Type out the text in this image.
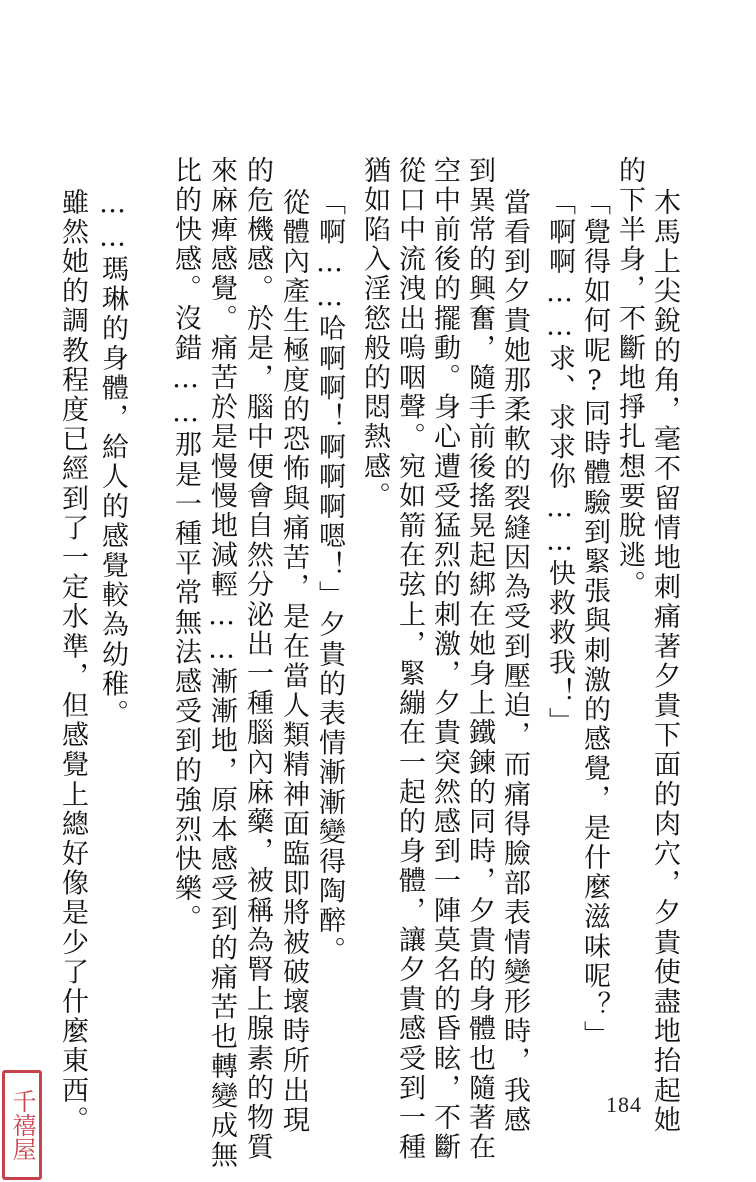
木馬上尖銳的角，毫不留情地刺痛著夕貴下面的肉穴，夕貴使盡地抬起她
的下半身，不斷地掙扎想要脫逃。
「覺得如何呢?同時體驗到緊張與刺激的感覺，是什麼滋味呢？」
「啊啊……求、求求你……快救救我！」
當看到夕貴她那柔軟的裂縫因為受到壓迫，而痛得臉部表情變形時，我感
到異常的興奮，隨手前後搖晃起綁在她身上鐵鍊的同時，夕貴的身體也隨著在
空中前後的擺動。身心遭受猛烈的刺激，夕貴突然感到一陣莫名的昏眩，不斷
從口中流洩出嗚咽聲。宛如箭在弦上，緊繃在一起的身體，讓夕貴感受到一種
猶如陷入淫慾般的悶熱感。
「啊……哈啊啊！啊啊啊嗯！」夕貴的表情漸漸變得陶醉。
從體內產生極度的恐怖與痛苦，是在當人類精神面臨即將被破壞時所出現
的危機感。於是，腦中便會自然分泌出一種腦內麻藥，被稱為腎上腺素的物質
來麻痺感覺。痛苦於是慢慢地減輕……漸漸地，原本感受到的痛苦也轉變成無
比的快感。沒錯……那是一種平常無法感受到的強烈快樂。
……瑪琳的身體，給人的感覺較為幼稚。
雖然她的調教程度已經到了一定水準，但感覺上總好像是少了什麼東西。	184
千禧屋
